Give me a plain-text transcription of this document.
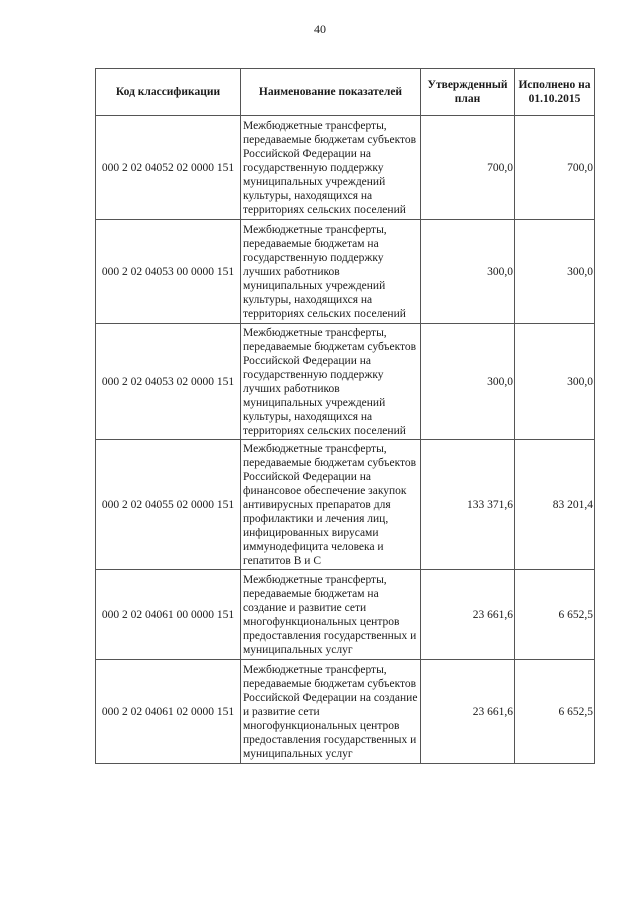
40
Код классификации	Наименование показателей	Утвержденный план	Исполнено на 01.10.2015
000 2 02 04052 02 0000 151	Межбюджетные трансферты, передаваемые бюджетам субъектов Российской Федерации на государственную поддержку муниципальных учреждений культуры, находящихся на территориях сельских поселений	700,0	700,0
000 2 02 04053 00 0000 151	Межбюджетные трансферты, передаваемые бюджетам на государственную поддержку лучших работников муниципальных учреждений культуры, находящихся на территориях сельских поселений	300,0	300,0
000 2 02 04053 02 0000 151	Межбюджетные трансферты, передаваемые бюджетам субъектов Российской Федерации на государственную поддержку лучших работников муниципальных учреждений культуры, находящихся на территориях сельских поселений	300,0	300,0
000 2 02 04055 02 0000 151	Межбюджетные трансферты, передаваемые бюджетам субъектов Российской Федерации на финансовое обеспечение закупок антивирусных препаратов для профилактики и лечения лиц, инфицированных вирусами иммунодефицита человека и гепатитов В и С	133 371,6	83 201,4
000 2 02 04061 00 0000 151	Межбюджетные трансферты, передаваемые бюджетам на создание и развитие сети многофункциональных центров предоставления государственных и муниципальных услуг	23 661,6	6 652,5
000 2 02 04061 02 0000 151	Межбюджетные трансферты, передаваемые бюджетам субъектов Российской Федерации на создание и развитие сети многофункциональных центров предоставления государственных и муниципальных услуг	23 661,6	6 652,5
